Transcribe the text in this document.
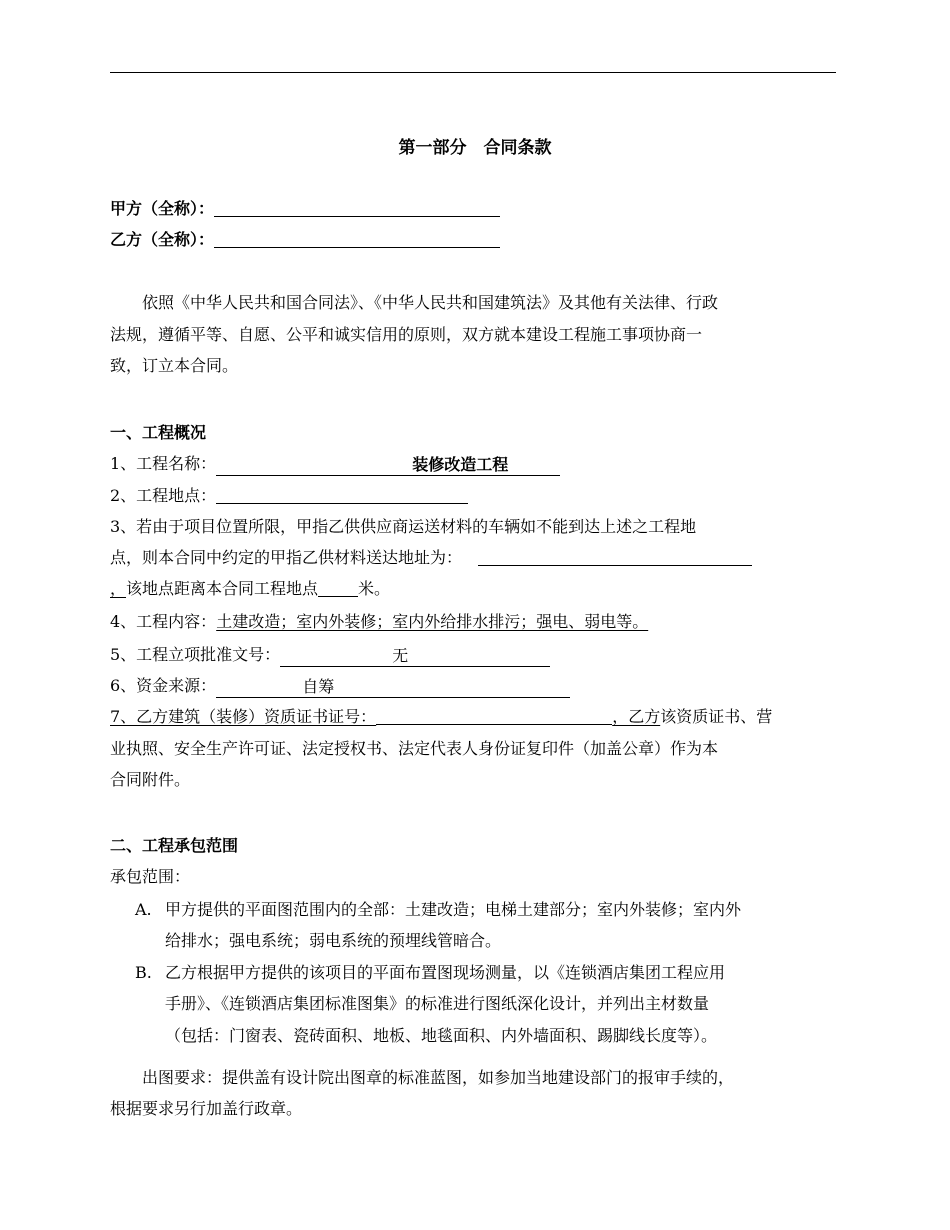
第一部分　合同条款
甲方（全称）：
乙方（全称）：
依照《中华人民共和国合同法》、《中华人民共和国建筑法》及其他有关法律、行政
法规，遵循平等、自愿、公平和诚实信用的原则，双方就本建设工程施工事项协商一
致，订立本合同。
一、工程概况
1、工程名称：	装修改造工程
2、工程地点：
3、若由于项目位置所限，甲指乙供供应商运送材料的车辆如不能到达上述之工程地
点，则本合同中约定的甲指乙供材料送达地址为：
，该地点距离本合同工程地点	米。
4、工程内容：土建改造；室内外装修；室内外给排水排污；强电、弱电等。
5、工程立项批准文号：	无
6、资金来源：	自筹
7、乙方建筑（装修）资质证书证号：	，乙方该资质证书、营
业执照、安全生产许可证、法定授权书、法定代表人身份证复印件（加盖公章）作为本
合同附件。
二、工程承包范围
承包范围：
A. 甲方提供的平面图范围内的全部：土建改造；电梯土建部分；室内外装修；室内外
给排水；强电系统；弱电系统的预埋线管暗合。
B. 乙方根据甲方提供的该项目的平面布置图现场测量，以《连锁酒店集团工程应用
手册》、《连锁酒店集团标准图集》的标准进行图纸深化设计，并列出主材数量
（包括：门窗表、瓷砖面积、地板、地毯面积、内外墙面积、踢脚线长度等）。
出图要求：提供盖有设计院出图章的标准蓝图，如参加当地建设部门的报审手续的，
根据要求另行加盖行政章。
